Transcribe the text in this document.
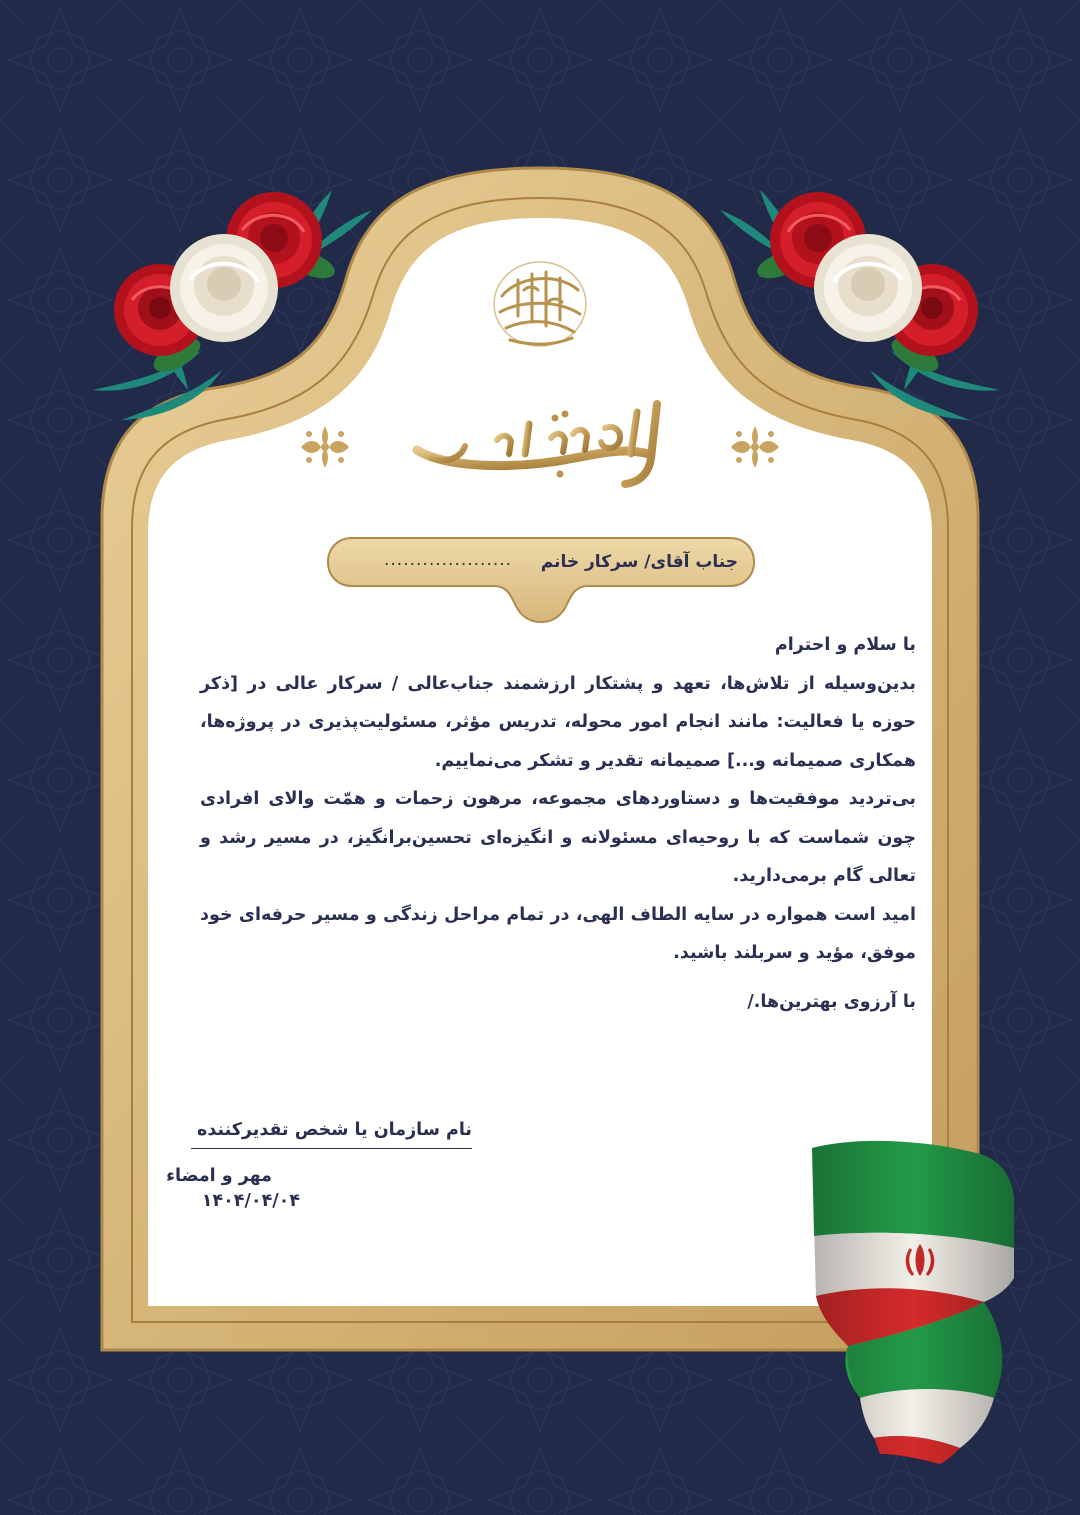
بسم الله الرحمن الرحیم
جناب آقای/ سرکار خانم
....................

با سلام و احترام

بدین‌وسیله از تلاش‌ها، تعهد و پشتکار ارزشمند جناب‌عالی / سرکار عالی در [ذکر حوزه یا فعالیت: مانند انجام امور محوله، تدریس مؤثر، مسئولیت‌پذیری در پروژه‌ها، همکاری صمیمانه و...] صمیمانه تقدیر و تشکر می‌نماییم.

بی‌تردید موفقیت‌ها و دستاوردهای مجموعه، مرهون زحمات و همّت والای افرادی چون شماست که با روحیه‌ای مسئولانه و انگیزه‌ای تحسین‌برانگیز، در مسیر رشد و تعالی گام برمی‌دارید.

امید است همواره در سایه الطاف الهی، در تمام مراحل زندگی و مسیر حرفه‌ای خود موفق، مؤید و سربلند باشید.

با آرزوی بهترین‌ها./

نام سازمان یا شخص تقدیرکننده
مهر و امضاء
۱۴۰۴/۰۴/۰۴
